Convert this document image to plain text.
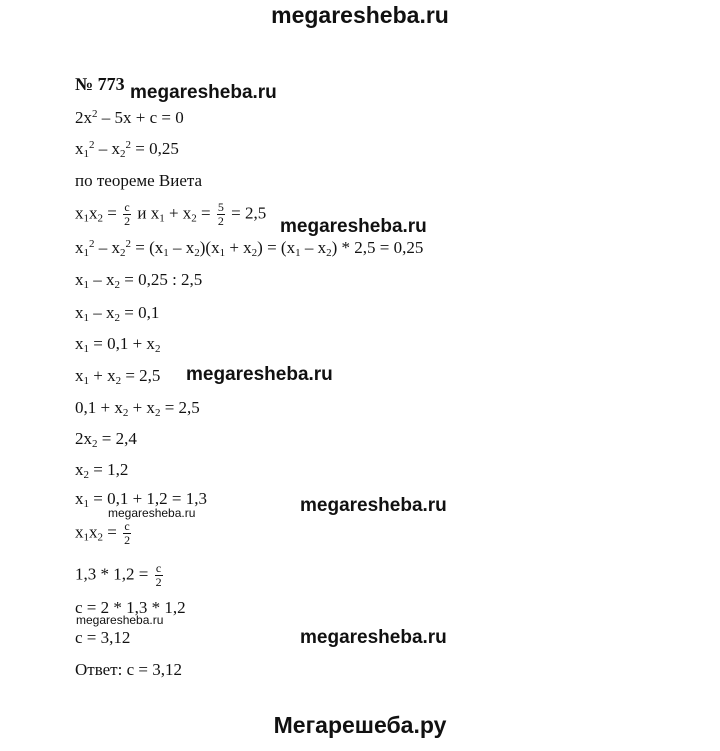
megaresheba.ru
№ 773 megaresheba.ru
$2x^2 - 5x + c = 0$
$x_1^2 - x_2^2 = 0,25$
по теореме Виета
$x_1x_2 = \frac{c}{2}$ и $x_1 + x_2 = \frac{5}{2} = 2,5$
megaresheba.ru
$x_1^2 - x_2^2 = (x_1 - x_2)(x_1 + x_2) = (x_1 - x_2) * 2,5 = 0,25$
$x_1 - x_2 = 0,25$ : 2,5
$x_1 - x_2 = 0,1$
$x_1 = 0,1 + x_2$
$x_1 + x_2 = 2,5$ megaresheba.ru
$0,1 + x_2 + x_2 = 2,5$
$2x_2 = 2,4$
$x_2 = 1,2$
$x_1 = 0,1 + 1,2 = 1,3$	megaresheba.ru
megaresheba.ru
$x_1x_2 = \frac{c}{2}$
$1,3 * 1,2 = \frac{c}{2}$
c = 2 * 1,3 * 1,2
megaresheba.ru
c = 3,12	megaresheba.ru
Ответ: c = 3,12
Мегарешеба.ру
